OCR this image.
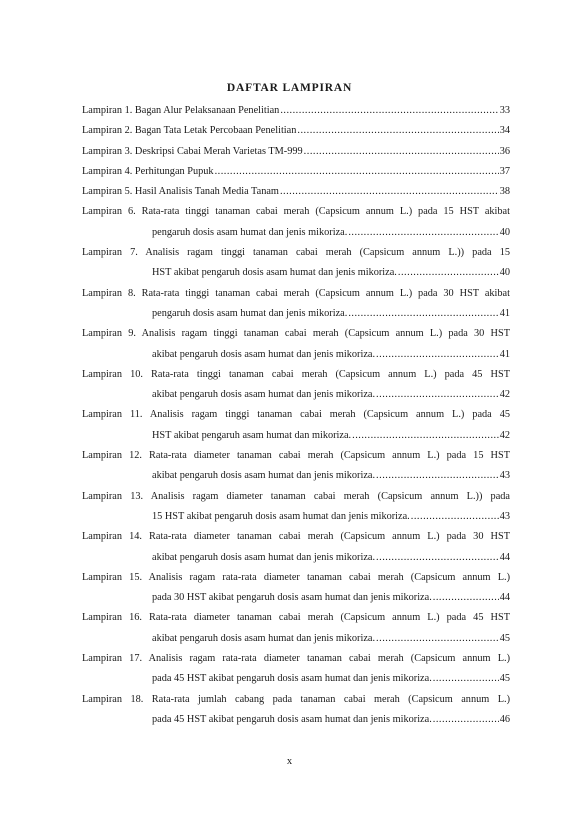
DAFTAR LAMPIRAN
Lampiran 1. Bagan Alur Pelaksanaan Penelitian .....	33
Lampiran 2. Bagan Tata Letak Percobaan Penelitian .....	34
Lampiran 3. Deskripsi Cabai Merah Varietas TM-999 .....	36
Lampiran 4. Perhitungan Pupuk .....	37
Lampiran 5. Hasil Analisis Tanah Media Tanam .....	38
Lampiran 6. Rata-rata tinggi tanaman cabai merah (Capsicum annum L.) pada 15 HST akibat
pengaruh dosis asam humat dan jenis mikoriza. .....	40
Lampiran 7. Analisis ragam tinggi tanaman cabai merah (Capsicum annum L.)) pada 15
HST akibat pengaruh dosis asam humat dan jenis mikoriza. .....	40
Lampiran 8. Rata-rata tinggi tanaman cabai merah (Capsicum annum L.) pada 30 HST akibat
pengaruh dosis asam humat dan jenis mikoriza. .....	41
Lampiran 9. Analisis ragam tinggi tanaman cabai merah (Capsicum annum L.) pada 30 HST
akibat pengaruh dosis asam humat dan jenis mikoriza. .....	41
Lampiran 10. Rata-rata tinggi tanaman cabai merah (Capsicum annum L.) pada 45 HST
akibat pengaruh dosis asam humat dan jenis mikoriza. .....	42
Lampiran 11. Analisis ragam tinggi tanaman cabai merah (Capsicum annum L.) pada 45
HST akibat pengaruh asam humat dan mikoriza. .....	42
Lampiran 12. Rata-rata diameter tanaman cabai merah (Capsicum annum L.) pada 15 HST
akibat pengaruh dosis asam humat dan jenis mikoriza. .....	43
Lampiran 13. Analisis ragam diameter tanaman cabai merah (Capsicum annum L.)) pada
15 HST akibat pengaruh dosis asam humat dan jenis mikoriza. .....	43
Lampiran 14. Rata-rata diameter tanaman cabai merah (Capsicum annum L.) pada 30 HST
akibat pengaruh dosis asam humat dan jenis mikoriza. .....	44
Lampiran 15. Analisis ragam rata-rata diameter tanaman cabai merah (Capsicum annum L.)
pada 30 HST akibat pengaruh dosis asam humat dan jenis mikoriza. .....	44
Lampiran 16. Rata-rata diameter tanaman cabai merah (Capsicum annum L.) pada 45 HST
akibat pengaruh dosis asam humat dan jenis mikoriza. .....	45
Lampiran 17. Analisis ragam rata-rata diameter tanaman cabai merah (Capsicum annum L.)
pada 45 HST akibat pengaruh dosis asam humat dan jenis mikoriza. .....	45
Lampiran 18. Rata-rata jumlah cabang pada tanaman cabai merah (Capsicum annum L.)
pada 45 HST akibat pengaruh dosis asam humat dan jenis mikoriza. .....	46
x
